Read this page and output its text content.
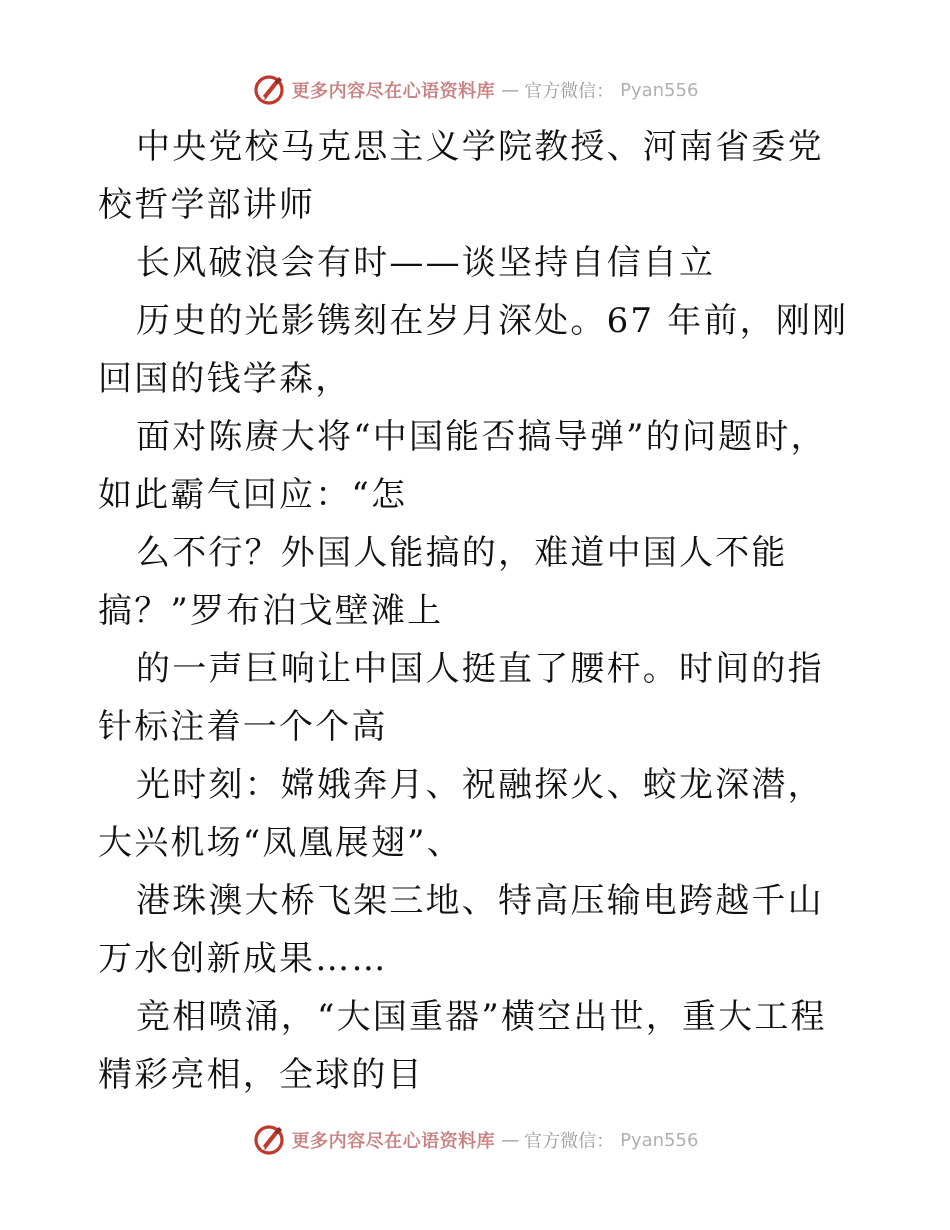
更多内容尽在心语资料库 — 官方微信： Pyan556

中央党校马克思主义学院教授、河南省委党校哲学部讲师

长风破浪会有时——谈坚持自信自立

历史的光影镌刻在岁月深处。67 年前，刚刚回国的钱学森，

面对陈赓大将“中国能否搞导弹”的问题时，如此霸气回应：“怎

么不行？外国人能搞的，难道中国人不能搞？”罗布泊戈壁滩上

的一声巨响让中国人挺直了腰杆。时间的指针标注着一个个高

光时刻：嫦娥奔月、祝融探火、蛟龙深潜，大兴机场“凤凰展翅”、

港珠澳大桥飞架三地、特高压输电跨越千山万水创新成果……

竞相喷涌，“大国重器”横空出世，重大工程精彩亮相，全球的目

更多内容尽在心语资料库 — 官方微信： Pyan556
